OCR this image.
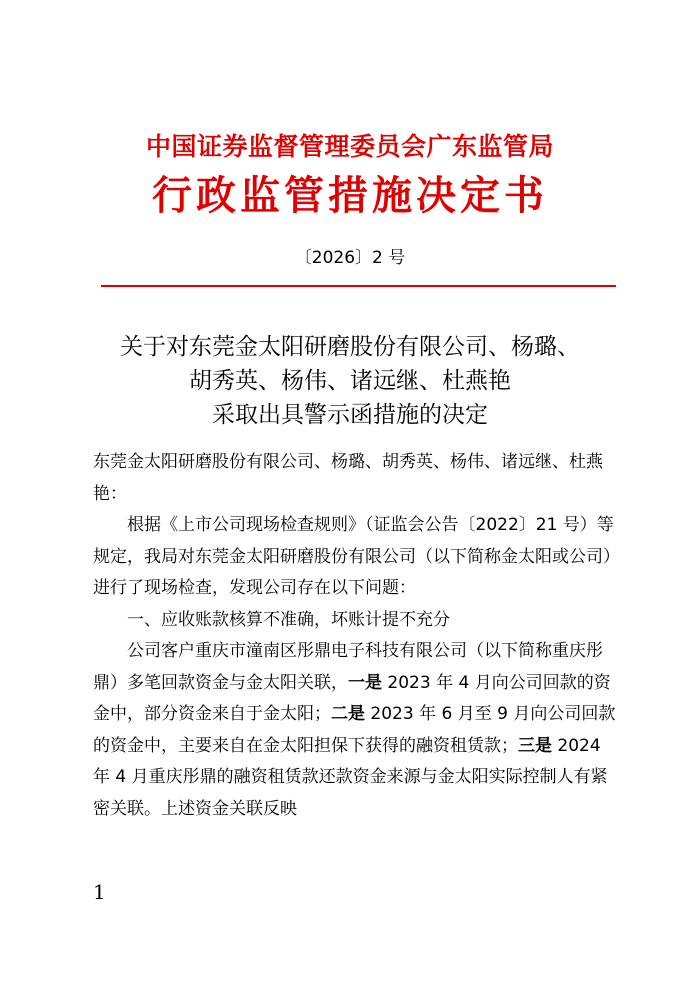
中国证券监督管理委员会广东监管局
行政监管措施决定书
〔2026〕2 号
关于对东莞金太阳研磨股份有限公司、杨璐、
胡秀英、杨伟、诸远继、杜燕艳
采取出具警示函措施的决定

东莞金太阳研磨股份有限公司、杨璐、胡秀英、杨伟、诸远继、杜燕艳：

根据《上市公司现场检查规则》（证监会公告〔2022〕21 号）等规定，我局对东莞金太阳研磨股份有限公司（以下简称金太阳或公司）进行了现场检查，发现公司存在以下问题：

一、应收账款核算不准确，坏账计提不充分

公司客户重庆市潼南区彤鼎电子科技有限公司（以下简称重庆彤鼎）多笔回款资金与金太阳关联，一是 2023 年 4 月向公司回款的资金中，部分资金来自于金太阳；二是 2023 年 6 月至 9 月向公司回款的资金中，主要来自在金太阳担保下获得的融资租赁款；三是 2024 年 4 月重庆彤鼎的融资租赁款还款资金来源与金太阳实际控制人有紧密关联。上述资金关联反映

1
